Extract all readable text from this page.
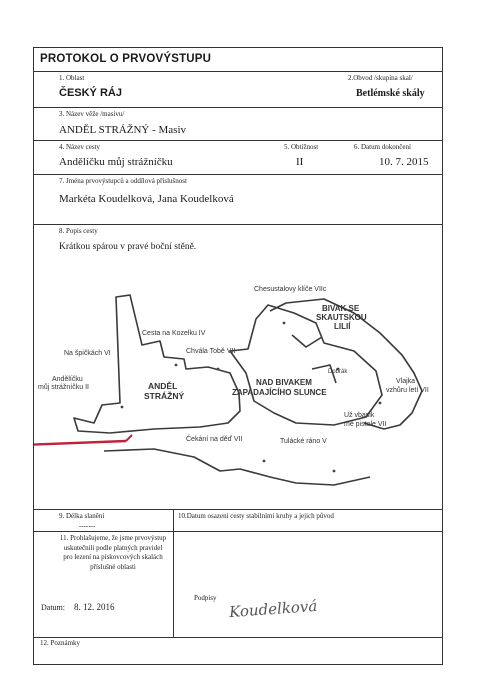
PROTOKOL O PRVOVÝSTUPU
1. Oblast	2.Obvod /skupina skal/
ČESKÝ RÁJ	Betlémské skály
3. Název věže /masivu/
ANDĚL STRÁŽNÝ - Masiv
4. Název cesty	5. Obtížnost	6. Datum dokončení
Andělíčku můj strážníčku	II	10. 7. 2015
7. Jména prvovýstupců a oddílová příslušnost
Markéta Koudelková, Jana Koudelková
8. Popis cesty
Krátkou spárou v pravé boční stěně.
Chesustalovy klíče VIIc
BIVAK SE
SKAUTSKOU
LILIÍ
Cesta na Kozelku IV
Chvála Tobě VII
Na špičkách VI
Andělíčku
můj strážníčku II	ANDĚL
STRÁŽNÝ
NAD BIVAKEM
ZAPADAJÍCÍHO SLUNCE
Dobrák
Vlajka
vzhůru letí VII
Už vbasik
mě pistole VII
Čekání na děď VII	Tulácké ráno V
9. Délka slanění	10.Datum osazení cesty stabilními kruhy a jejich původ
-------
11. Prohlašujeme, že jsme prvovýstup uskutečnili podle platných pravidel pro lezení na pískovcových skalách příslušné oblasti
Datum: 8. 12. 2016
Podpisy Koudelková
12. Poznámky
